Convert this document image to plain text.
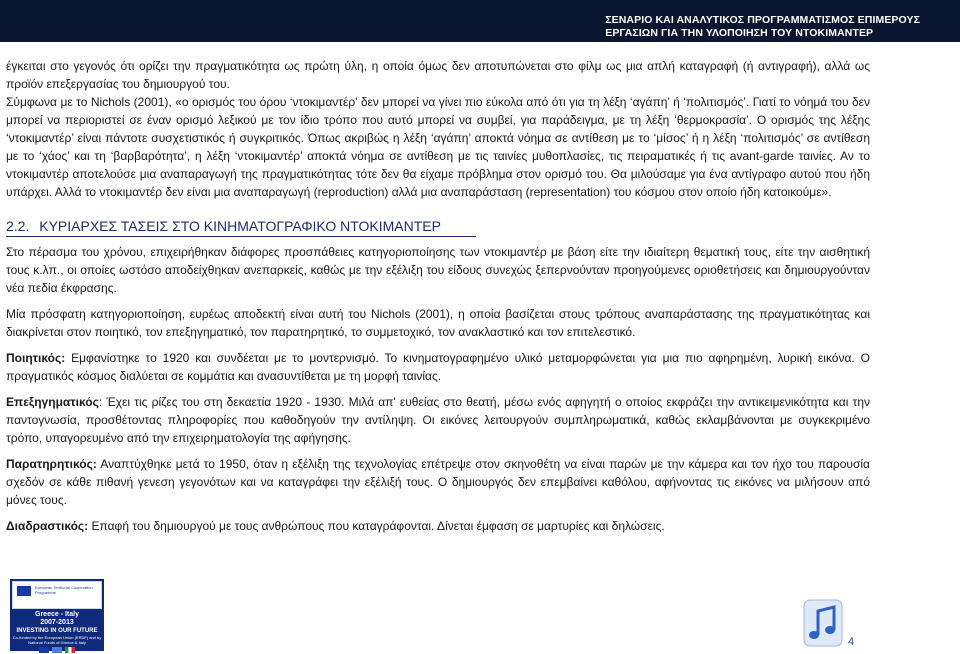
ΣΕΝΑΡΙΟ ΚΑΙ ΑΝΑΛΥΤΙΚΟΣ ΠΡΟΓΡΑΜΜΑΤΙΣΜΟΣ ΕΠΙΜΕΡΟΥΣ
ΕΡΓΑΣΙΩΝ ΓΙΑ ΤΗΝ ΥΛΟΠΟΙΗΣΗ ΤΟΥ ΝΤΟΚΙΜΑΝΤΕΡ

έγκειται στο γεγονός ότι ορίζει την πραγματικότητα ως πρώτη ύλη, η οποία όμως δεν αποτυπώνεται στο φίλμ ως μια απλή καταγραφή (ή αντιγραφή), αλλά ως προϊόν επεξεργασίας του δημιουργού του.

Σύμφωνα με το Nichols (2001), «ο ορισμός του όρου ‘ντοκιμαντέρ’ δεν μπορεί να γίνει πιο εύκολα από ότι για τη λέξη ‘αγάπη’ ή ‘πολιτισμός’. Γιατί το νόημά του δεν μπορεί να περιοριστεί σε έναν ορισμό λεξικού με τον ίδιο τρόπο που αυτό μπορεί να συμβεί, για παράδειγμα, με τη λέξη ‘θερμοκρασία’. Ο ορισμός της λέξης ‘ντοκιμαντέρ’ είναι πάντοτε συσχετιστικός ή συγκριτικός. Όπως ακριβώς η λέξη ‘αγάπη’ αποκτά νόημα σε αντίθεση με το ‘μίσος’ ή η λέξη ‘πολιτισμός’ σε αντίθεση με το ‘χάος’ και τη ‘βαρβαρότητα’, η λέξη ‘ντοκιμαντέρ’ αποκτά νόημα σε αντίθεση με τις ταινίες μυθοπλασίες, τις πειραματικές ή τις avant-garde ταινίες. Αν το ντοκιμαντέρ αποτελούσε μια αναπαραγωγή της πραγματικότητας τότε δεν θα είχαμε πρόβλημα στον ορισμό του. Θα μιλούσαμε για ένα αντίγραφο αυτού που ήδη υπάρχει. Αλλά το ντοκιμαντέρ δεν είναι μια αναπαραγωγή (reproduction) αλλά μια αναπαράσταση (representation) του κόσμου στον οποίο ήδη κατοικούμε».

2.2. ΚΥΡΙΑΡΧΕΣ ΤΑΣΕΙΣ ΣΤΟ ΚΙΝΗΜΑΤΟΓΡΑΦΙΚΟ ΝΤΟΚΙΜΑΝΤΕΡ

Στο πέρασμα του χρόνου, επιχειρήθηκαν διάφορες προσπάθειες κατηγοριοποίησης των ντοκιμαντέρ με βάση είτε την ιδιαίτερη θεματική τους, είτε την αισθητική τους κ.λπ., οι οποίες ωστόσο αποδείχθηκαν ανεπαρκείς, καθώς με την εξέλιξη του είδους συνεχώς ξεπερνούνταν προηγούμενες οριοθετήσεις και δημιουργούνταν νέα πεδία έκφρασης.

Μία πρόσφατη κατηγοριοποίηση, ευρέως αποδεκτή είναι αυτή του Nichols (2001), η οποία βασίζεται στους τρόπους αναπαράστασης της πραγματικότητας και διακρίνεται στον ποιητικό, τον επεξηγηματικό, τον παρατηρητικό, το συμμετοχικό, τον ανακλαστικό και τον επιτελεστικό.

Ποιητικός: Εμφανίστηκε το 1920 και συνδέεται με το μοντερνισμό. Το κινηματογραφημένο υλικό μεταμορφώνεται για μια πιο αφηρημένη, λυρική εικόνα. Ο πραγματικός κόσμος διαλύεται σε κομμάτια και ανασυντίθεται με τη μορφή ταινίας.

Επεξηγηματικός: Έχει τις ρίζες του στη δεκαετία 1920 - 1930. Μιλά απ' ευθείας στο θεατή, μέσω ενός αφηγητή ο οποίος εκφράζει την αντικειμενικότητα και την παντογνωσία, προσθέτοντας πληροφορίες που καθοδηγούν την αντίληψη. Οι εικόνες λειτουργούν συμπληρωματικά, καθώς εκλαμβάνονται με συγκεκριμένο τρόπο, υπαγορευμένο από την επιχειρηματολογία της αφήγησης.

Παρατηρητικός: Αναπτύχθηκε μετά το 1950, όταν η εξέλιξη της τεχνολογίας επέτρεψε στον σκηνοθέτη να είναι παρών με την κάμερα και τον ήχο του παρουσία σχεδόν σε κάθε πιθανή γενεση γεγονότων και να καταγράφει την εξέλιξή τους. Ο δημιουργός δεν επεμβαίνει καθόλου, αφήνοντας τις εικόνες να μιλήσουν από μόνες τους.

Διαδραστικός: Επαφή του δημιουργού με τους ανθρώπους που καταγράφονται. Δίνεται έμφαση σε μαρτυρίες και δηλώσεις.

European Territorial Cooperation Programme
Greece - Italy
2007-2013
INVESTING IN OUR FUTURE
Co-funded by the European Union (ERDF) and by National Funds of Greece & Italy	4
